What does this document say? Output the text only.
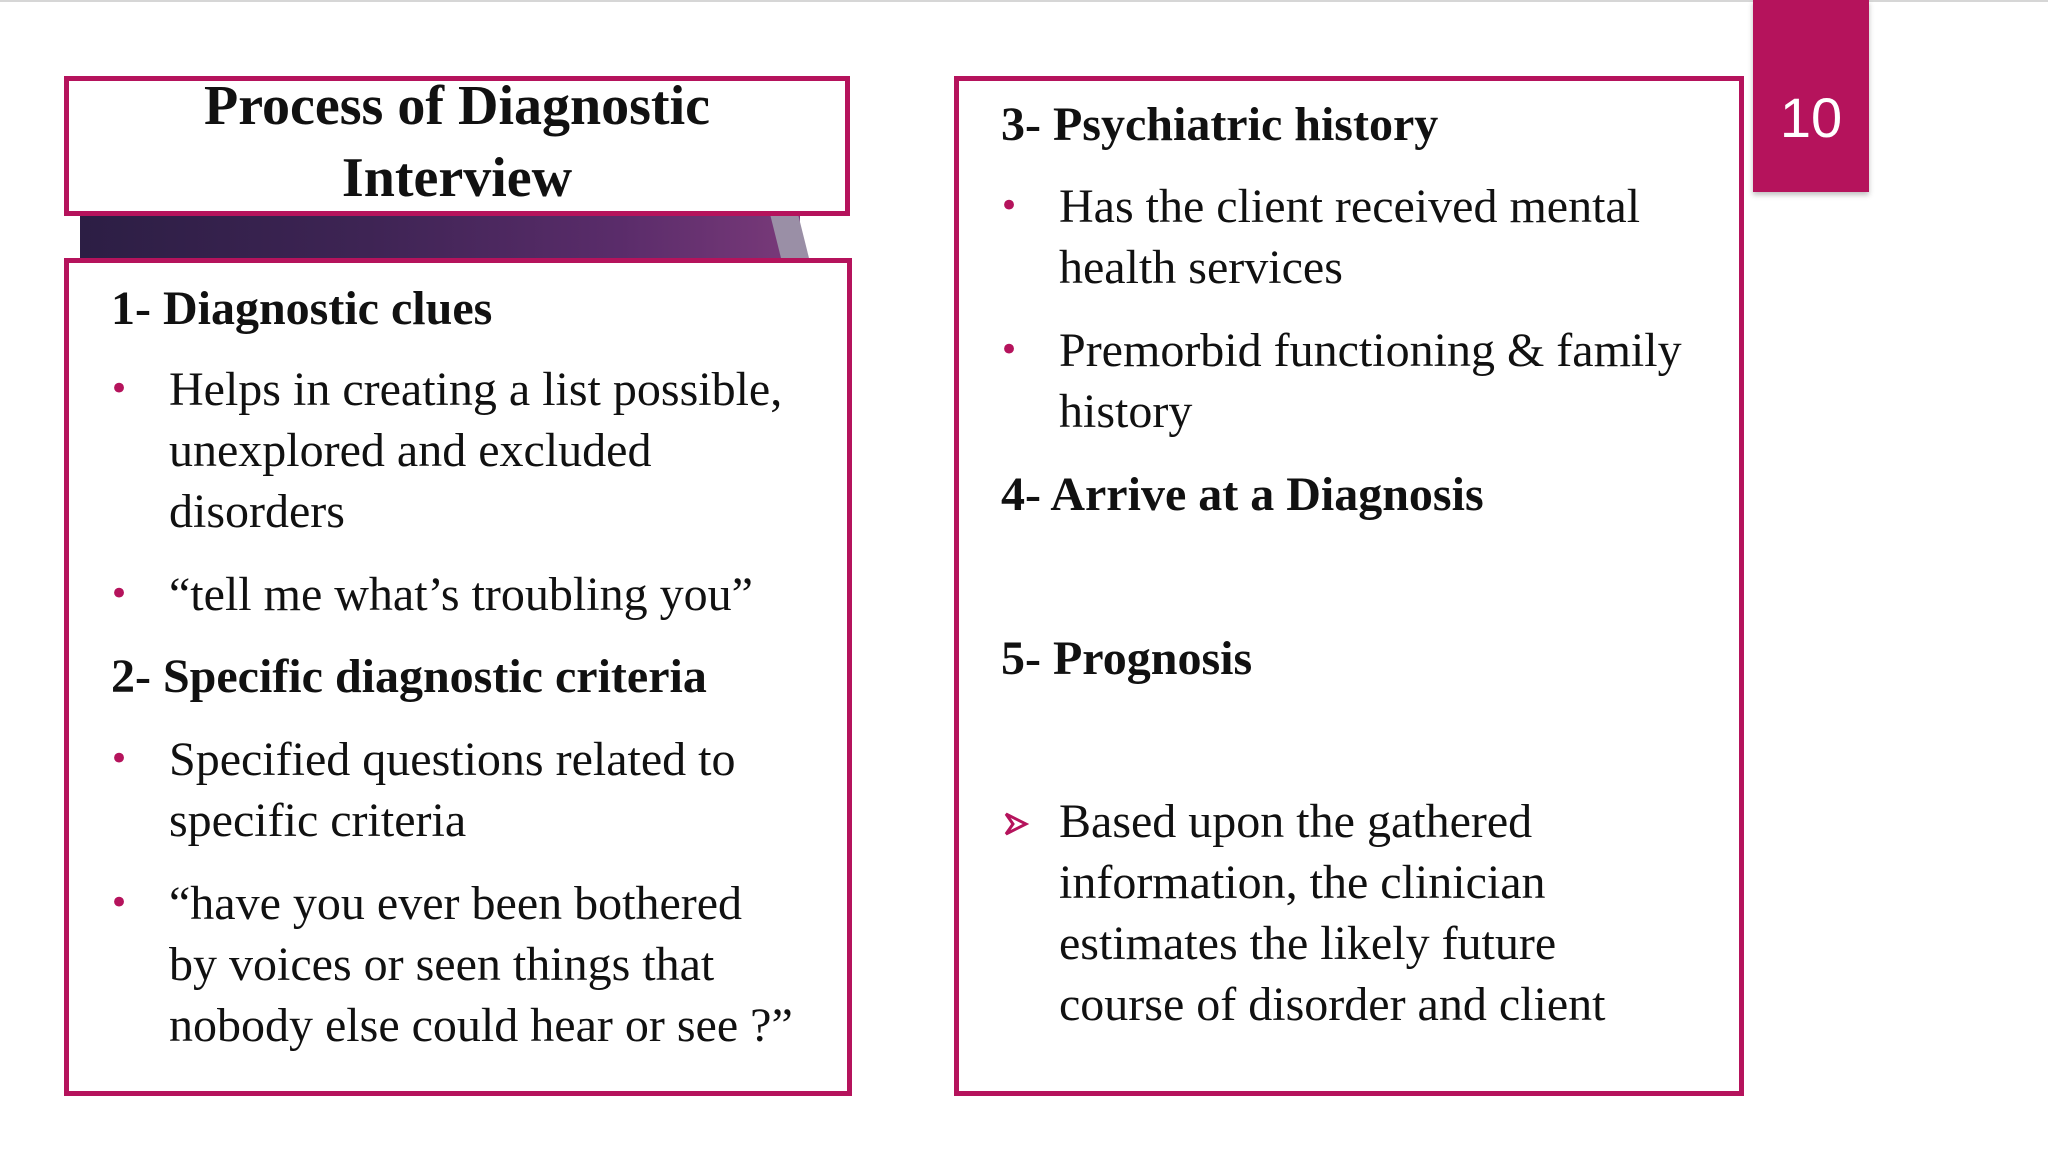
Process of Diagnostic
Interview
1- Diagnostic clues
• Helps in creating a list possible,
unexplored and excluded
disorders
• “tell me what’s troubling you”
2- Specific diagnostic criteria
• Specified questions related to
specific criteria
• “have you ever been bothered
by voices or seen things that
nobody else could hear or see ?”
3- Psychiatric history
• Has the client received mental
health services
• Premorbid functioning & family
history
4- Arrive at a Diagnosis
5- Prognosis
Based upon the gathered
information, the clinician
estimates the likely future
course of disorder and client
10
